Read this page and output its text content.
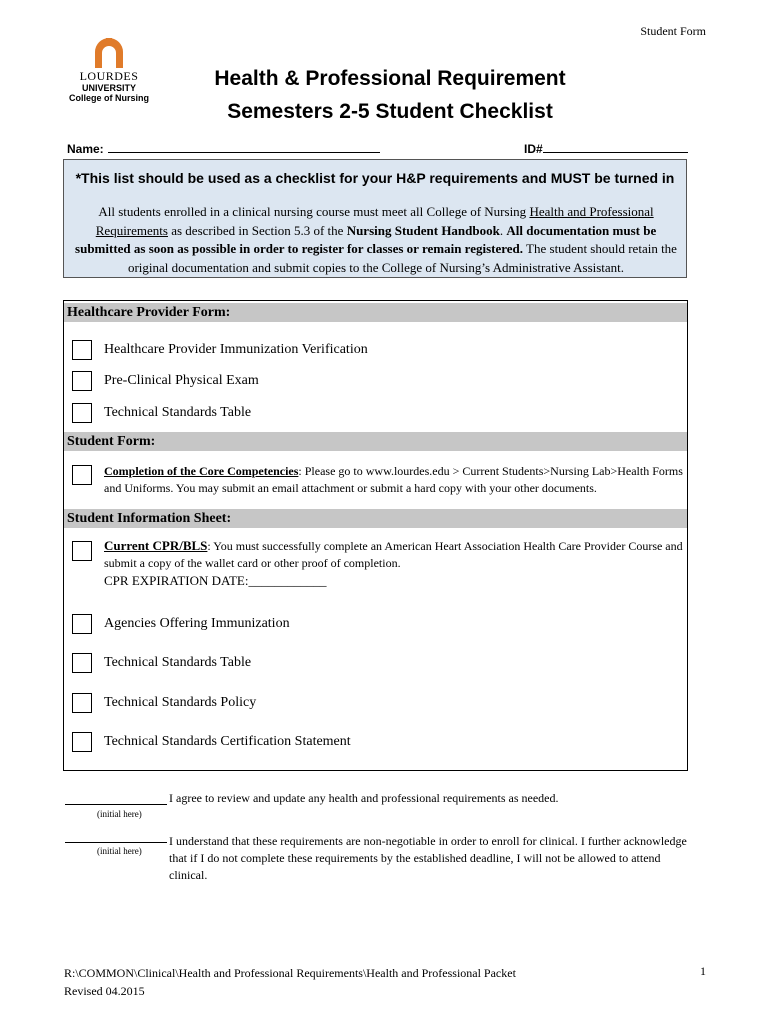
Student Form
LOURDES
UNIVERSITY
College of Nursing
Health & Professional Requirement
Semesters 2-5 Student Checklist
Name:	ID#
*This list should be used as a checklist for your H&P requirements and MUST be turned in
All students enrolled in a clinical nursing course must meet all College of Nursing Health and Professional Requirements as described in Section 5.3 of the Nursing Student Handbook. All documentation must be submitted as soon as possible in order to register for classes or remain registered. The student should retain the original documentation and submit copies to the College of Nursing’s Administrative Assistant.
Healthcare Provider Form:
Healthcare Provider Immunization Verification
Pre-Clinical Physical Exam
Technical Standards Table
Student Form:
Completion of the Core Competencies: Please go to www.lourdes.edu > Current Students>Nursing Lab>Health Forms and Uniforms. You may submit an email attachment or submit a hard copy with your other documents.
Student Information Sheet:
Current CPR/BLS: You must successfully complete an American Heart Association Health Care Provider Course and submit a copy of the wallet card or other proof of completion.
CPR EXPIRATION DATE:____________
Agencies Offering Immunization
Technical Standards Table
Technical Standards Policy
Technical Standards Certification Statement
(initial here)
I agree to review and update any health and professional requirements as needed.
(initial here)
I understand that these requirements are non-negotiable in order to enroll for clinical. I further acknowledge that if I do not complete these requirements by the established deadline, I will not be allowed to attend clinical.
R:\COMMON\Clinical\Health and Professional Requirements\Health and Professional Packet
Revised 04.2015
1
